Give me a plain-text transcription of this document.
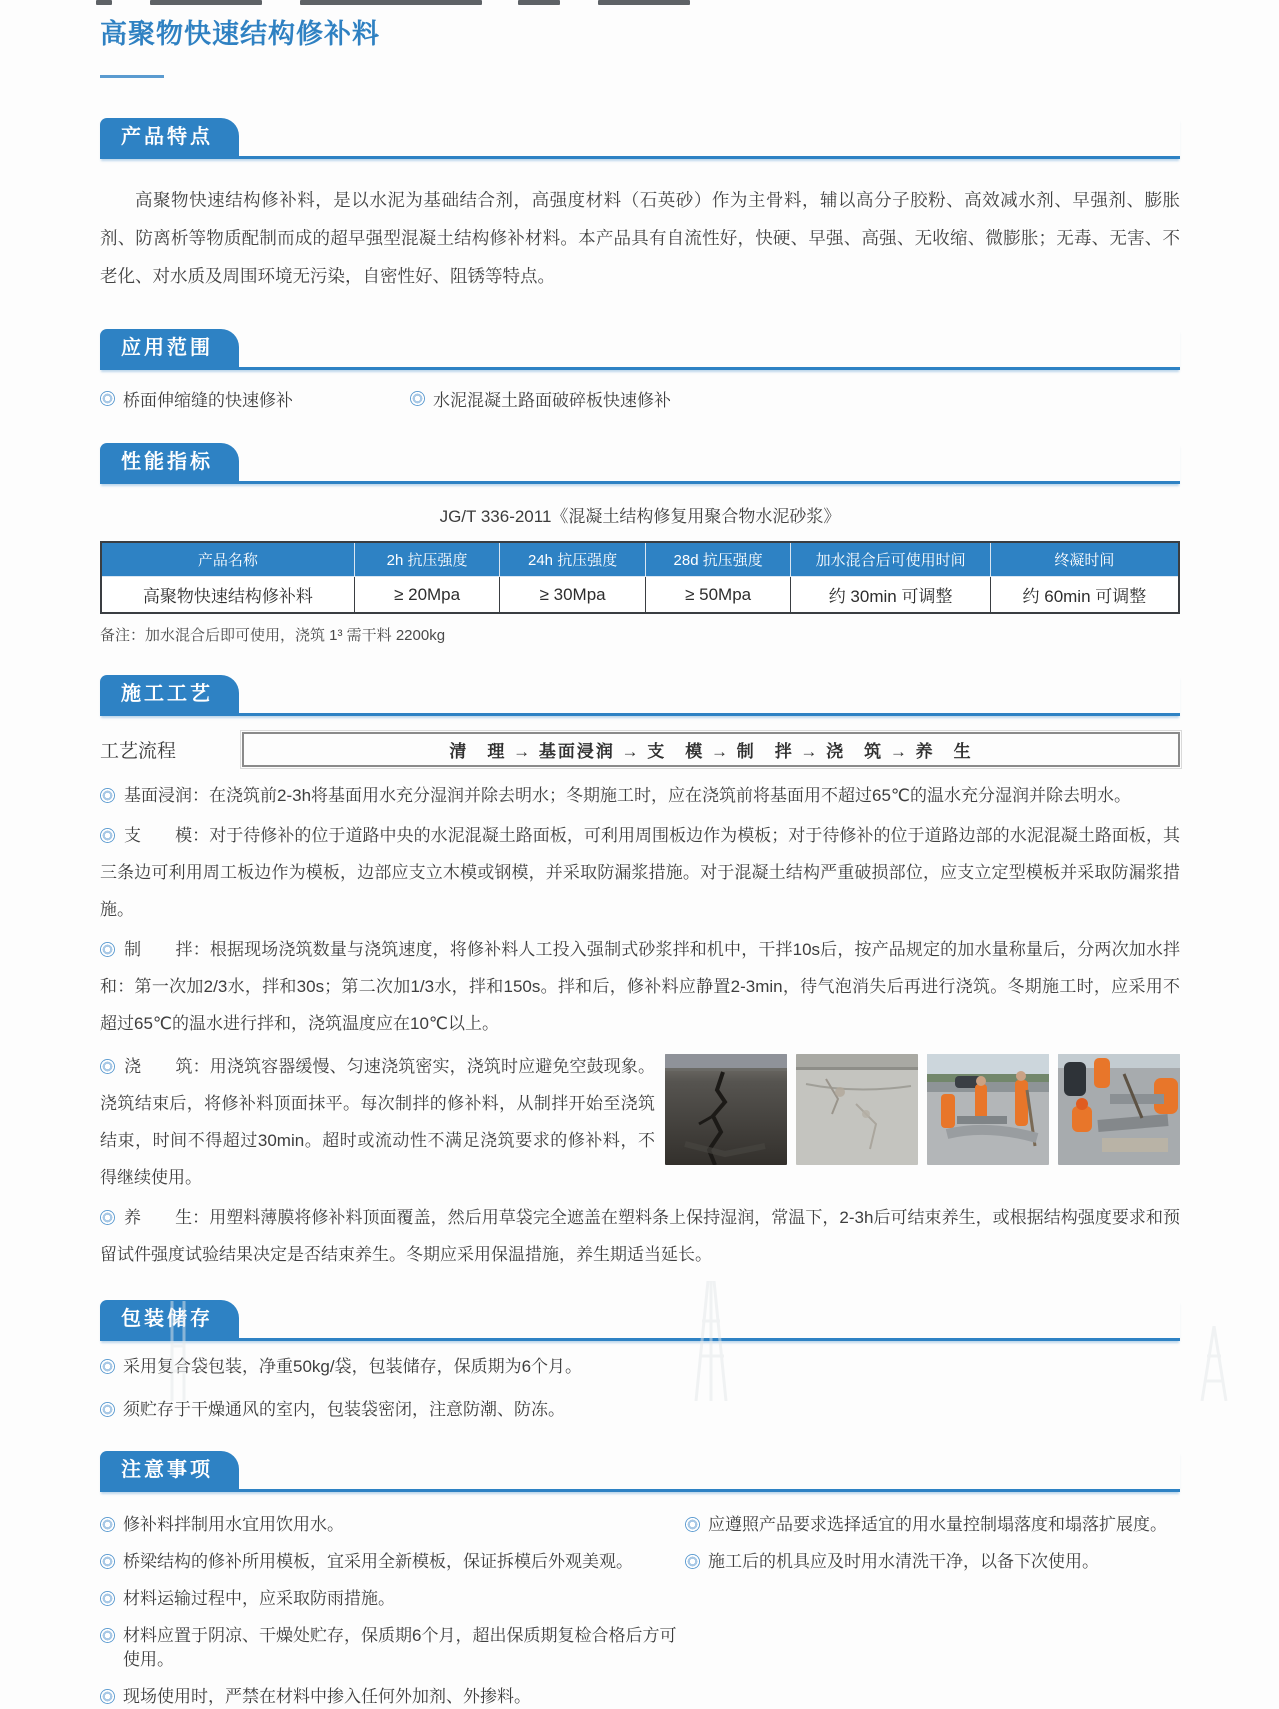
高聚物快速结构修补料
产品特点

高聚物快速结构修补料，是以水泥为基础结合剂，高强度材料（石英砂）作为主骨料，辅以高分子胶粉、高效减水剂、早强剂、膨胀剂、防离析等物质配制而成的超早强型混凝土结构修补材料。本产品具有自流性好，快硬、早强、高强、无收缩、微膨胀；无毒、无害、不老化、对水质及周围环境无污染，自密性好、阻锈等特点。

应用范围
桥面伸缩缝的快速修补	水泥混凝土路面破碎板快速修补
性能指标
JG/T 336-2011《混凝土结构修复用聚合物水泥砂浆》
产品名称	2h 抗压强度	24h 抗压强度	28d 抗压强度	加水混合后可使用时间	终凝时间
高聚物快速结构修补料	≥ 20Mpa	≥ 30Mpa	≥ 50Mpa	约 30min 可调整	约 60min 可调整
备注：加水混合后即可使用，浇筑 1³ 需干料 2200kg
施工工艺
工艺流程	清　理 → 基面浸润 → 支　模 → 制　拌 → 浇　筑 → 养　生

基面浸润：在浇筑前2-3h将基面用水充分湿润并除去明水；冬期施工时，应在浇筑前将基面用不超过65℃的温水充分湿润并除去明水。

支　　模：对于待修补的位于道路中央的水泥混凝土路面板，可利用周围板边作为模板；对于待修补的位于道路边部的水泥混凝土路面板，其三条边可利用周工板边作为模板，边部应支立木模或钢模，并采取防漏浆措施。对于混凝土结构严重破损部位，应支立定型模板并采取防漏浆措施。

制　　拌：根据现场浇筑数量与浇筑速度，将修补料人工投入强制式砂浆拌和机中，干拌10s后，按产品规定的加水量称量后，分两次加水拌和：第一次加2/3水，拌和30s；第二次加1/3水，拌和150s。拌和后，修补料应静置2-3min，待气泡消失后再进行浇筑。冬期施工时，应采用不超过65℃的温水进行拌和，浇筑温度应在10℃以上。

浇　　筑：用浇筑容器缓慢、匀速浇筑密实，浇筑时应避免空鼓现象。浇筑结束后，将修补料顶面抹平。每次制拌的修补料，从制拌开始至浇筑结束，时间不得超过30min。超时或流动性不满足浇筑要求的修补料，不得继续使用。

养　　生：用塑料薄膜将修补料顶面覆盖，然后用草袋完全遮盖在塑料条上保持湿润，常温下，2-3h后可结束养生，或根据结构强度要求和预留试件强度试验结果决定是否结束养生。冬期应采用保温措施，养生期适当延长。

包装储存
采用复合袋包装，净重50kg/袋，包装储存，保质期为6个月。
须贮存于干燥通风的室内，包装袋密闭，注意防潮、防冻。
注意事项
修补料拌制用水宜用饮用水。
桥梁结构的修补所用模板，宜采用全新模板，保证拆模后外观美观。
材料运输过程中，应采取防雨措施。
材料应置于阴凉、干燥处贮存，保质期6个月，超出保质期复检合格后方可使用。
现场使用时，严禁在材料中掺入任何外加剂、外掺料。
应遵照产品要求选择适宜的用水量控制塌落度和塌落扩展度。
施工后的机具应及时用水清洗干净，以备下次使用。
